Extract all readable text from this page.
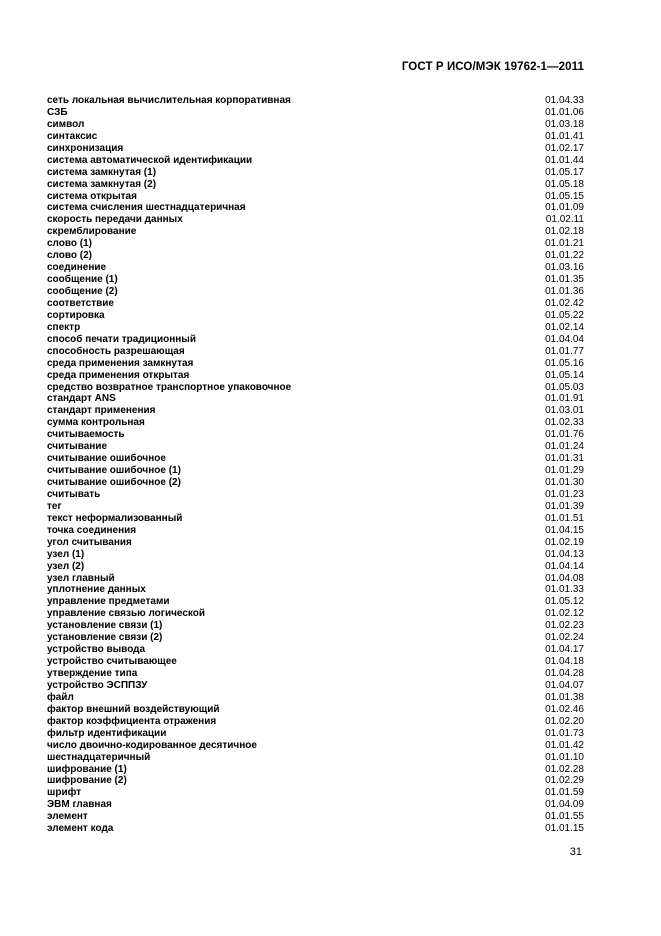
ГОСТ Р ИСО/МЭК 19762-1—2011
сеть локальная вычислительная корпоративная	01.04.33
СЗБ	01.01.06
символ	01.03.18
синтаксис	01.01.41
синхронизация	01.02.17
система автоматической идентификации	01.01.44
система замкнутая (1)	01.05.17
система замкнутая (2)	01.05.18
система открытая	01.05.15
система счисления шестнадцатеричная	01.01.09
скорость передачи данных	01.02.11
скремблирование	01.02.18
слово (1)	01.01.21
слово (2)	01.01.22
соединение	01.03.16
сообщение (1)	01.01.35
сообщение (2)	01.01.36
соответствие	01.02.42
сортировка	01.05.22
спектр	01.02.14
способ печати традиционный	01.04.04
способность разрешающая	01.01.77
среда применения замкнутая	01.05.16
среда применения открытая	01.05.14
средство возвратное транспортное упаковочное	01.05.03
стандарт ANS	01.01.91
стандарт применения	01.03.01
сумма контрольная	01.02.33
считываемость	01.01.76
считывание	01.01.24
считывание ошибочное	01.01.31
считывание ошибочное (1)	01.01.29
считывание ошибочное (2)	01.01.30
считывать	01.01.23
тег	01.01.39
текст неформализованный	01.01.51
точка соединения	01.04.15
угол считывания	01.02.19
узел (1)	01.04.13
узел (2)	01.04.14
узел главный	01.04.08
уплотнение данных	01.01.33
управление предметами	01.05.12
управление связью логической	01.02.12
установление связи (1)	01.02.23
установление связи (2)	01.02.24
устройство вывода	01.04.17
устройство считывающее	01.04.18
утверждение типа	01.04.28
устройство ЭСППЗУ	01.04.07
файл	01.01.38
фактор внешний воздействующий	01.02.46
фактор коэффициента отражения	01.02.20
фильтр идентификации	01.01.73
число двоично-кодированное десятичное	01.01.42
шестнадцатеричный	01.01.10
шифрование (1)	01.02.28
шифрование (2)	01.02.29
шрифт	01.01.59
ЭВМ главная	01.04.09
элемент	01.01.55
элемент кода	01.01.15
31
